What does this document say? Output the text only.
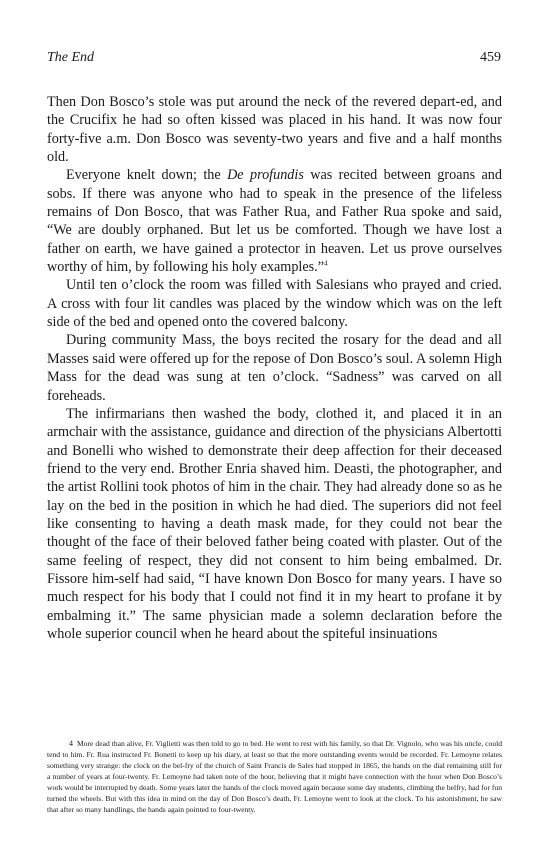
The End	459

Then Don Bosco’s stole was put around the neck of the revered depart-ed, and the Crucifix he had so often kissed was placed in his hand. It was now four forty-five a.m. Don Bosco was seventy-two years and five and a half months old.

Everyone knelt down; the De profundis was recited between groans and sobs. If there was anyone who had to speak in the presence of the lifeless remains of Don Bosco, that was Father Rua, and Father Rua spoke and said, “We are doubly orphaned. But let us be comforted. Though we have lost a father on earth, we have gained a protector in heaven. Let us prove ourselves worthy of him, by following his holy examples.”$^4$

Until ten o’clock the room was filled with Salesians who prayed and cried. A cross with four lit candles was placed by the window which was on the left side of the bed and opened onto the covered balcony.

During community Mass, the boys recited the rosary for the dead and all Masses said were offered up for the repose of Don Bosco’s soul. A solemn High Mass for the dead was sung at ten o’clock. “Sadness” was carved on all foreheads.

The infirmarians then washed the body, clothed it, and placed it in an armchair with the assistance, guidance and direction of the physicians Albertotti and Bonelli who wished to demonstrate their deep affection for their deceased friend to the very end. Brother Enria shaved him. Deasti, the photographer, and the artist Rollini took photos of him in the chair. They had already done so as he lay on the bed in the position in which he had died. The superiors did not feel like consenting to having a death mask made, for they could not bear the thought of the face of their beloved father being coated with plaster. Out of the same feeling of respect, they did not consent to him being embalmed. Dr. Fissore him-self had said, “I have known Don Bosco for many years. I have so much respect for his body that I could not find it in my heart to profane it by embalming it.” The same physician made a solemn declaration before the whole superior council when he heard about the spiteful insinuations

4 More dead than alive, Fr. Viglietti was then told to go to bed. He went to rest with his family, so that Dr. Vignolo, who was his uncle, could tend to him. Fr. Rua instructed Fr. Bonetti to keep up his diary, at least so that the more outstanding events would be recorded. Fr. Lemoyne relates something very strange: the clock on the bel-fry of the church of Saint Francis de Sales had stopped in 1865, the hands on the dial remaining still for a number of years at four-twenty. Fr. Lemoyne had taken note of the hour, believing that it might have connection with the hour when Don Bosco’s work would be interrupted by death. Some years later the hands of the clock moved again because some day students, climbing the belfry, had for fun turned the wheels. But with this idea in mind on the day of Don Bosco’s death, Fr. Lemoyne went to look at the clock. To his astonishment, he saw that after so many handlings, the hands again pointed to four-twenty.
